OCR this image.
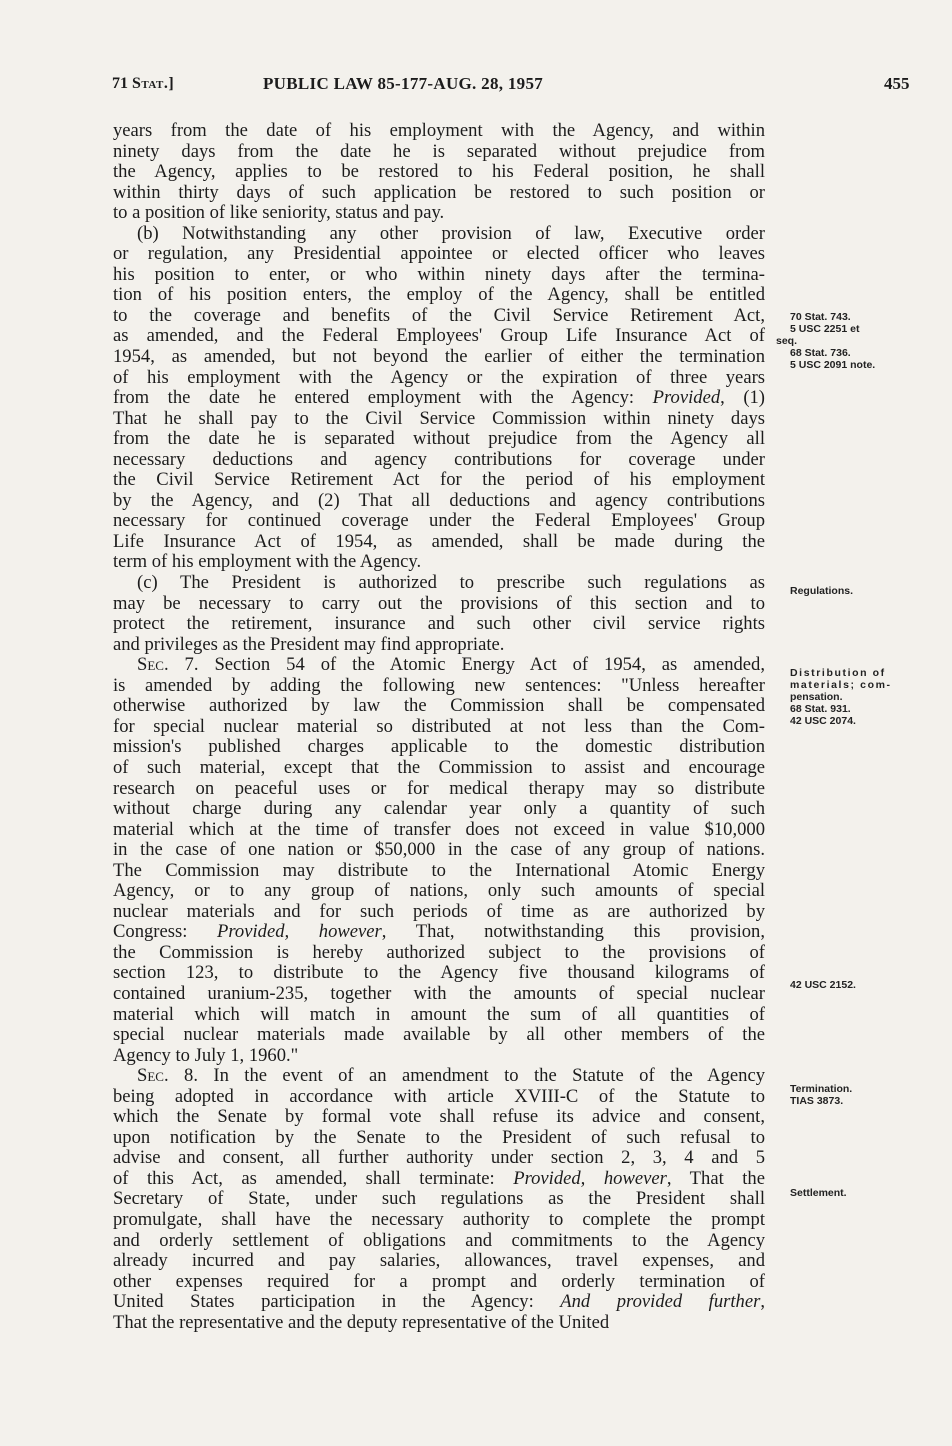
71 Stat.]	PUBLIC LAW 85-177-AUG. 28, 1957	455
years from the date of his employment with the Agency, and within
ninety days from the date he is separated without prejudice from
the Agency, applies to be restored to his Federal position, he shall
within thirty days of such application be restored to such position or
to a position of like seniority, status and pay.
(b) Notwithstanding any other provision of law, Executive order
or regulation, any Presidential appointee or elected officer who leaves
his position to enter, or who within ninety days after the termina-
tion of his position enters, the employ of the Agency, shall be entitled
to the coverage and benefits of the Civil Service Retirement Act,
as amended, and the Federal Employees' Group Life Insurance Act of
1954, as amended, but not beyond the earlier of either the termination
of his employment with the Agency or the expiration of three years
from the date he entered employment with the Agency: Provided, (1)
That he shall pay to the Civil Service Commission within ninety days
from the date he is separated without prejudice from the Agency all
necessary deductions and agency contributions for coverage under
the Civil Service Retirement Act for the period of his employment
by the Agency, and (2) That all deductions and agency contributions
necessary for continued coverage under the Federal Employees' Group
Life Insurance Act of 1954, as amended, shall be made during the
term of his employment with the Agency.
(c) The President is authorized to prescribe such regulations as
may be necessary to carry out the provisions of this section and to
protect the retirement, insurance and such other civil service rights
and privileges as the President may find appropriate.
Sec. 7. Section 54 of the Atomic Energy Act of 1954, as amended,
is amended by adding the following new sentences: "Unless hereafter
otherwise authorized by law the Commission shall be compensated
for special nuclear material so distributed at not less than the Com-
mission's published charges applicable to the domestic distribution
of such material, except that the Commission to assist and encourage
research on peaceful uses or for medical therapy may so distribute
without charge during any calendar year only a quantity of such
material which at the time of transfer does not exceed in value $10,000
in the case of one nation or $50,000 in the case of any group of nations.
The Commission may distribute to the International Atomic Energy
Agency, or to any group of nations, only such amounts of special
nuclear materials and for such periods of time as are authorized by
Congress: Provided, however, That, notwithstanding this provision,
the Commission is hereby authorized subject to the provisions of
section 123, to distribute to the Agency five thousand kilograms of
contained uranium-235, together with the amounts of special nuclear
material which will match in amount the sum of all quantities of
special nuclear materials made available by all other members of the
Agency to July 1, 1960."
Sec. 8. In the event of an amendment to the Statute of the Agency
being adopted in accordance with article XVIII-C of the Statute to
which the Senate by formal vote shall refuse its advice and consent,
upon notification by the Senate to the President of such refusal to
advise and consent, all further authority under section 2, 3, 4 and 5
of this Act, as amended, shall terminate: Provided, however, That the
Secretary of State, under such regulations as the President shall
promulgate, shall have the necessary authority to complete the prompt
and orderly settlement of obligations and commitments to the Agency
already incurred and pay salaries, allowances, travel expenses, and
other expenses required for a prompt and orderly termination of
United States participation in the Agency: And provided further,
That the representative and the deputy representative of the United
70 Stat. 743.
5 USC 2251 et
seq.
68 Stat. 736.
5 USC 2091 note.
Regulations.
Distribution of
materials; com-
pensation.
68 Stat. 931.
42 USC 2074.
42 USC 2152.
Termination.
TIAS 3873.
Settlement.
